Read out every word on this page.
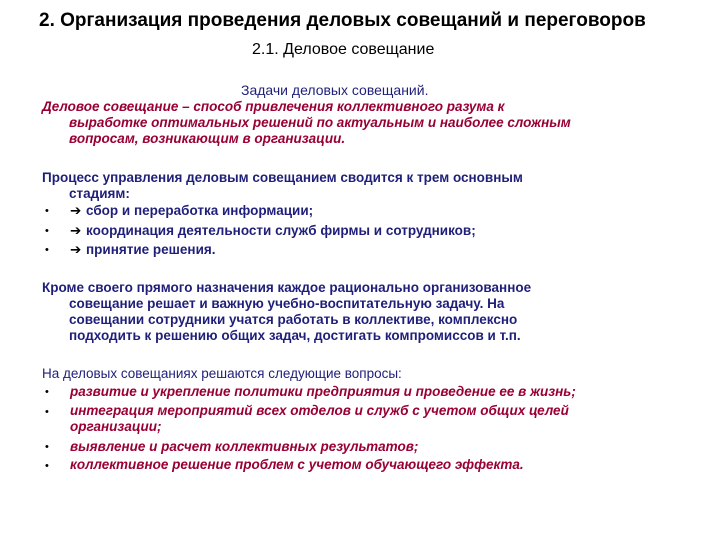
2. Организация проведения деловых совещаний и переговоров
2.1. Деловое совещание
Задачи деловых совещаний.
Деловое совещание – способ привлечения коллективного разума к
выработке оптимальных решений по актуальным и наиболее сложным
вопросам, возникающим в организации.
Процесс управления деловым совещанием сводится к трем основным
стадиям:
• ➔ сбор и переработка информации;
• ➔ координация деятельности служб фирмы и сотрудников;
• ➔ принятие решения.
Кроме своего прямого назначения каждое рационально организованное
совещание решает и важную учебно-воспитательную задачу. На
совещании сотрудники учатся работать в коллективе, комплексно
подходить к решению общих задач, достигать компромиссов и т.п.
На деловых совещаниях решаются следующие вопросы:
• развитие и укрепление политики предприятия и проведение ее в жизнь;
• интеграция мероприятий всех отделов и служб с учетом общих целей
организации;
• выявление и расчет коллективных результатов;
• коллективное решение проблем с учетом обучающего эффекта.
